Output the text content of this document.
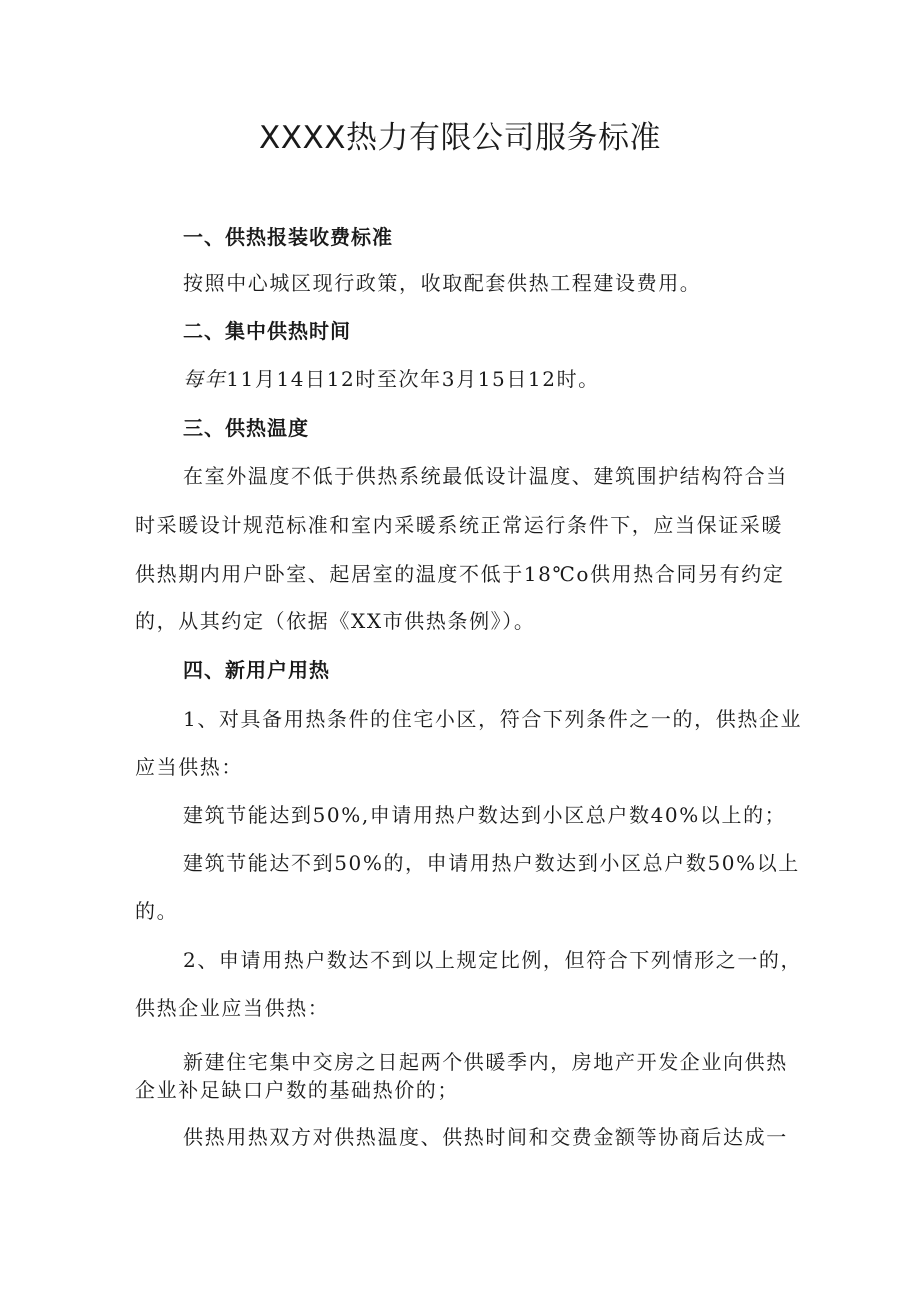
XXXX热力有限公司服务标准
一、供热报装收费标准
按照中心城区现行政策，收取配套供热工程建设费用。
二、集中供热时间
每年11月14日12时至次年3月15日12时。
三、供热温度
在室外温度不低于供热系统最低设计温度、建筑围护结构符合当
时采暖设计规范标准和室内采暖系统正常运行条件下，应当保证采暖
供热期内用户卧室、起居室的温度不低于18℃o供用热合同另有约定
的，从其约定（依据《XX市供热条例》）。
四、新用户用热
1、对具备用热条件的住宅小区，符合下列条件之一的，供热企业
应当供热：
建筑节能达到50%,申请用热户数达到小区总户数40%以上的；
建筑节能达不到50%的，申请用热户数达到小区总户数50%以上
的。
2、申请用热户数达不到以上规定比例，但符合下列情形之一的，
供热企业应当供热：
新建住宅集中交房之日起两个供暖季内，房地产开发企业向供热
企业补足缺口户数的基础热价的；
供热用热双方对供热温度、供热时间和交费金额等协商后达成一
